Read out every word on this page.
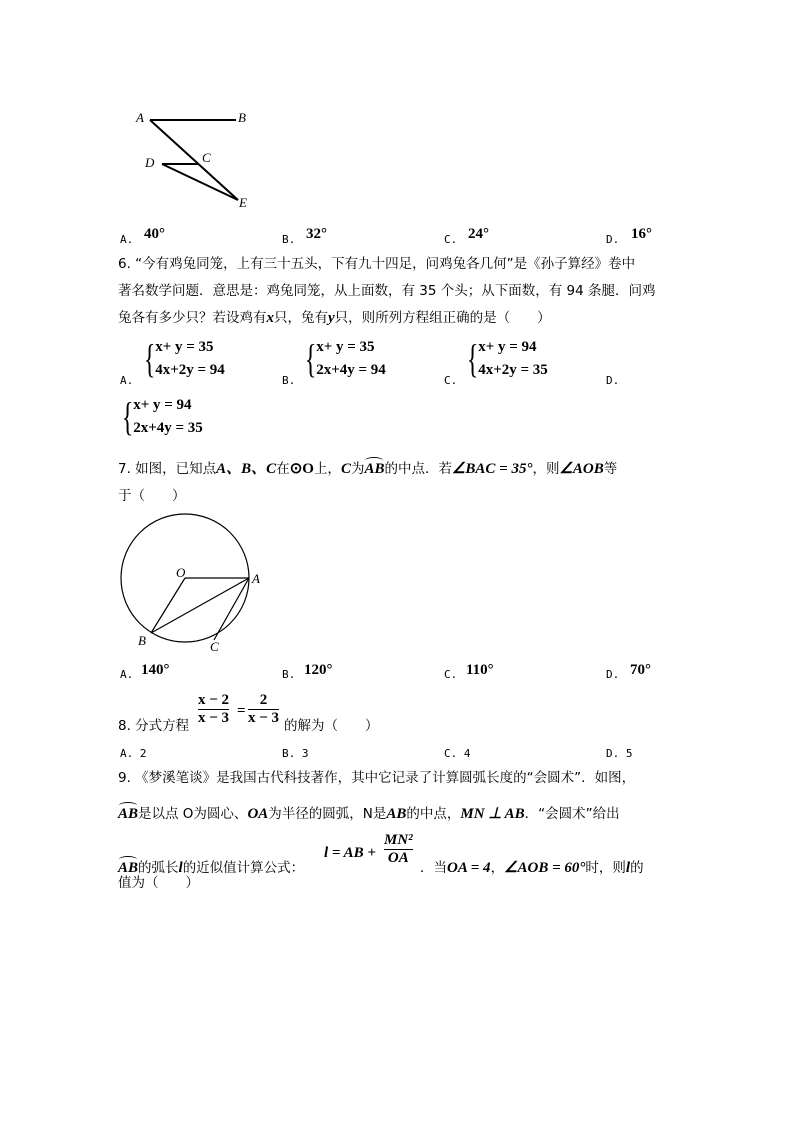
A	B
C
D
E
A. 40°	B. 32°	C. 24°	D. 16°
6. “今有鸡兔同笼，上有三十五头，下有九十四足，问鸡兔各几何”是《孙子算经》卷中
著名数学问题．意思是：鸡兔同笼，从上面数，有 35 个头；从下面数，有 94 条腿．问鸡
兔各有多少只？若设鸡有x只，兔有y只，则所列方程组正确的是（　　）
A. { x+ y = 35
4x+2y = 94
B. { x+ y = 35
2x+4y = 94
C. { x+ y = 94
4x+2y = 35
D.
{ x+ y = 94
2x+4y = 35
7. 如图，已知点A、B、C在⊙O上，C为AB的中点．若∠BAC = 35°，则∠AOB等
于（　　）
O	A
B	C
A. 140°	B. 120°	C. 110°	D. 70°
8. 分式方程
x − 2
x − 3 =
2
x − 3 的解为（　　）
A. 2	B. 3	C. 4	D. 5
9. 《梦溪笔谈》是我国古代科技著作，其中它记录了计算圆弧长度的“会圆术”．如图，
AB是以点 O为圆心、OA为半径的圆弧，N是AB的中点，MN ⊥ AB．“会圆术”给出
AB的弧长l的近似值计算公式：
l = AB +
MN²
OA
．当OA = 4，∠AOB = 60°时，则l的
值为（　　）
